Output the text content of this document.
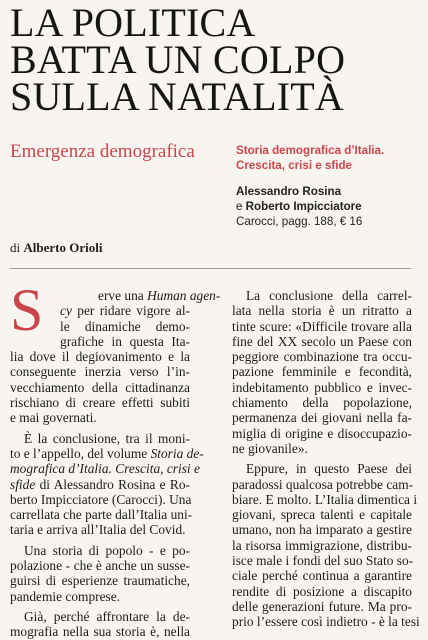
LA POLITICA
BATTA UN COLPO
SULLA NATALITÀ
Emergenza demografica	Storia demografica d’Italia.
Crescita, crisi e sfide
Alessandro Rosina
e Roberto Impicciatore
Carocci, pagg. 188, € 16
di Alberto Orioli
S	erve una Human agen-
cy per ridare vigore al-
le dinamiche demo-
grafiche in questa Ita-
lia dove il degiovanimento e la
conseguente inerzia verso l’in-
vecchiamento della cittadinanza
rischiano di creare effetti subiti
e mai governati.
È la conclusione, tra il moni-
to e l’appello, del volume Storia de-
mografica d’Italia. Crescita, crisi e
sfide di Alessandro Rosina e Ro-
berto Impicciatore (Carocci). Una
carrellata che parte dall’Italia uni-
taria e arriva all’Italia del Covid.
Una storia di popolo - e po-
polazione - che è anche un susse-
guirsi di esperienze traumatiche,
pandemie comprese.
Già, perché affrontare la de-
mografia nella sua storia è, nella
La conclusione della carrel-
lata nella storia è un ritratto a
tinte scure: «Difficile trovare alla
fine del XX secolo un Paese con
peggiore combinazione tra occu-
pazione femminile e fecondità,
indebitamento pubblico e invec-
chiamento della popolazione,
permanenza dei giovani nella fa-
miglia di origine e disoccupazio-
ne giovanile».
Eppure, in questo Paese dei
paradossi qualcosa potrebbe cam-
biare. E molto. L’Italia dimentica i
giovani, spreca talenti e capitale
umano, non ha imparato a gestire
la risorsa immigrazione, distribu-
isce male i fondi del suo Stato so-
ciale perché continua a garantire
rendite di posizione a discapito
delle generazioni future. Ma pro-
prio l’essere così indietro - è la tesi
